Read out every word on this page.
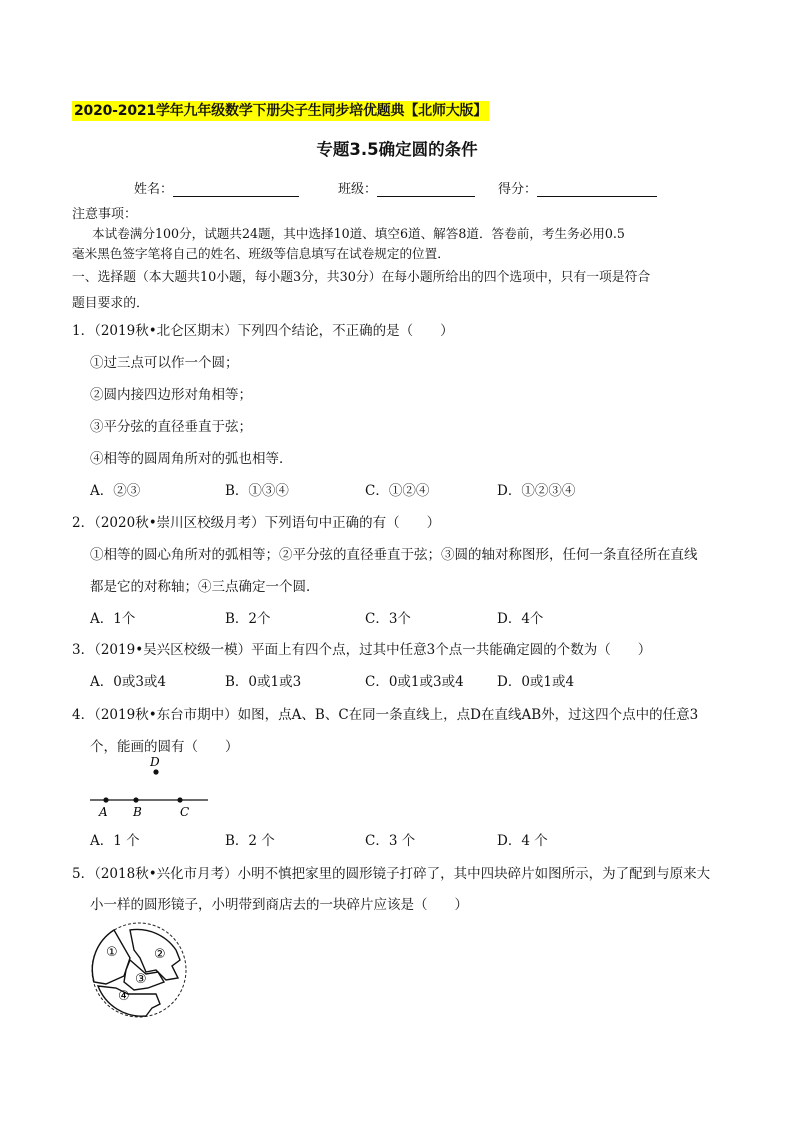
2020-2021学年九年级数学下册尖子生同步培优题典【北师大版】
专题3.5确定圆的条件
姓名：	班级：	得分：
注意事项：
本试卷满分100分，试题共24题，其中选择10道、填空6道、解答8道．答卷前，考生务必用0.5
毫米黑色签字笔将自己的姓名、班级等信息填写在试卷规定的位置．
一、选择题（本大题共10小题，每小题3分，共30分）在每小题所给出的四个选项中，只有一项是符合
题目要求的．
1．（2019秋•北仑区期末）下列四个结论，不正确的是（　　）
①过三点可以作一个圆；
②圆内接四边形对角相等；
③平分弦的直径垂直于弦；
④相等的圆周角所对的弧也相等．
A．②③	B．①③④	C．①②④	D．①②③④
2．（2020秋•崇川区校级月考）下列语句中正确的有（　　）
①相等的圆心角所对的弧相等；②平分弦的直径垂直于弦；③圆的轴对称图形，任何一条直径所在直线
都是它的对称轴；④三点确定一个圆．
A．1个	B．2个	C．3个	D．4个
3．（2019•吴兴区校级一模）平面上有四个点，过其中任意3个点一共能确定圆的个数为（　　）
A．0或3或4	B．0或1或3	C．0或1或3或4 D．0或1或4
4．（2019秋•东台市期中）如图，点A、B、C在同一条直线上，点D在直线AB外，过这四个点中的任意3
个，能画的圆有（　　）
A B	C
D
A．1 个	B．2 个	C．3 个	D．4 个
5．（2018秋•兴化市月考）小明不慎把家里的圆形镜子打碎了，其中四块碎片如图所示，为了配到与原来大
小一样的圆形镜子，小明带到商店去的一块碎片应该是（　　）
①	②
③
④
